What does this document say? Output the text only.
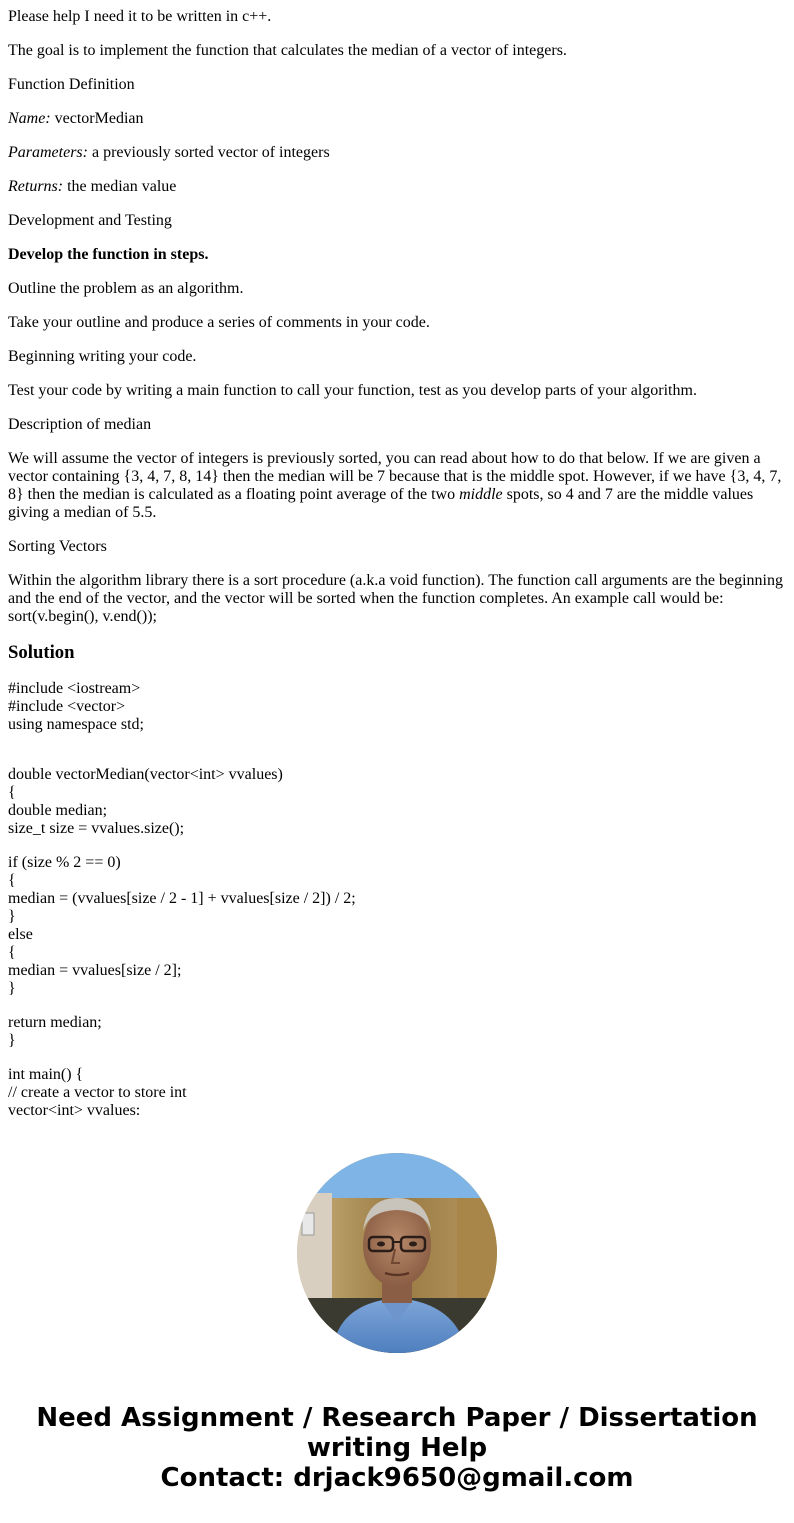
Please help I need it to be written in c++.

The goal is to implement the function that calculates the median of a vector of integers.

Function Definition

Name: vectorMedian

Parameters: a previously sorted vector of integers

Returns: the median value

Development and Testing

Develop the function in steps.

Outline the problem as an algorithm.

Take your outline and produce a series of comments in your code.

Beginning writing your code.

Test your code by writing a main function to call your function, test as you develop parts of your algorithm.

Description of median

We will assume the vector of integers is previously sorted, you can read about how to do that below. If we are given a vector containing {3, 4, 7, 8, 14} then the median will be 7 because that is the middle spot. However, if we have {3, 4, 7, 8} then the median is calculated as a floating point average of the two middle spots, so 4 and 7 are the middle values giving a median of 5.5.

Sorting Vectors

Within the algorithm library there is a sort procedure (a.k.a void function). The function call arguments are the beginning and the end of the vector, and the vector will be sorted when the function completes. An example call would be: sort(v.begin(), v.end());

Solution
#include <iostream>
#include <vector>
using namespace std;
double vectorMedian(vector<int> vvalues)
{
double median;
size_t size = vvalues.size();
if (size % 2 == 0)
{
median = (vvalues[size / 2 - 1] + vvalues[size / 2]) / 2;
}
else
{
median = vvalues[size / 2];
}
return median;
}
int main() {
// create a vector to store int
vector<int> vvalues:
Need Assignment / Research Paper / Dissertation
writing Help
Contact: drjack9650@gmail.com
